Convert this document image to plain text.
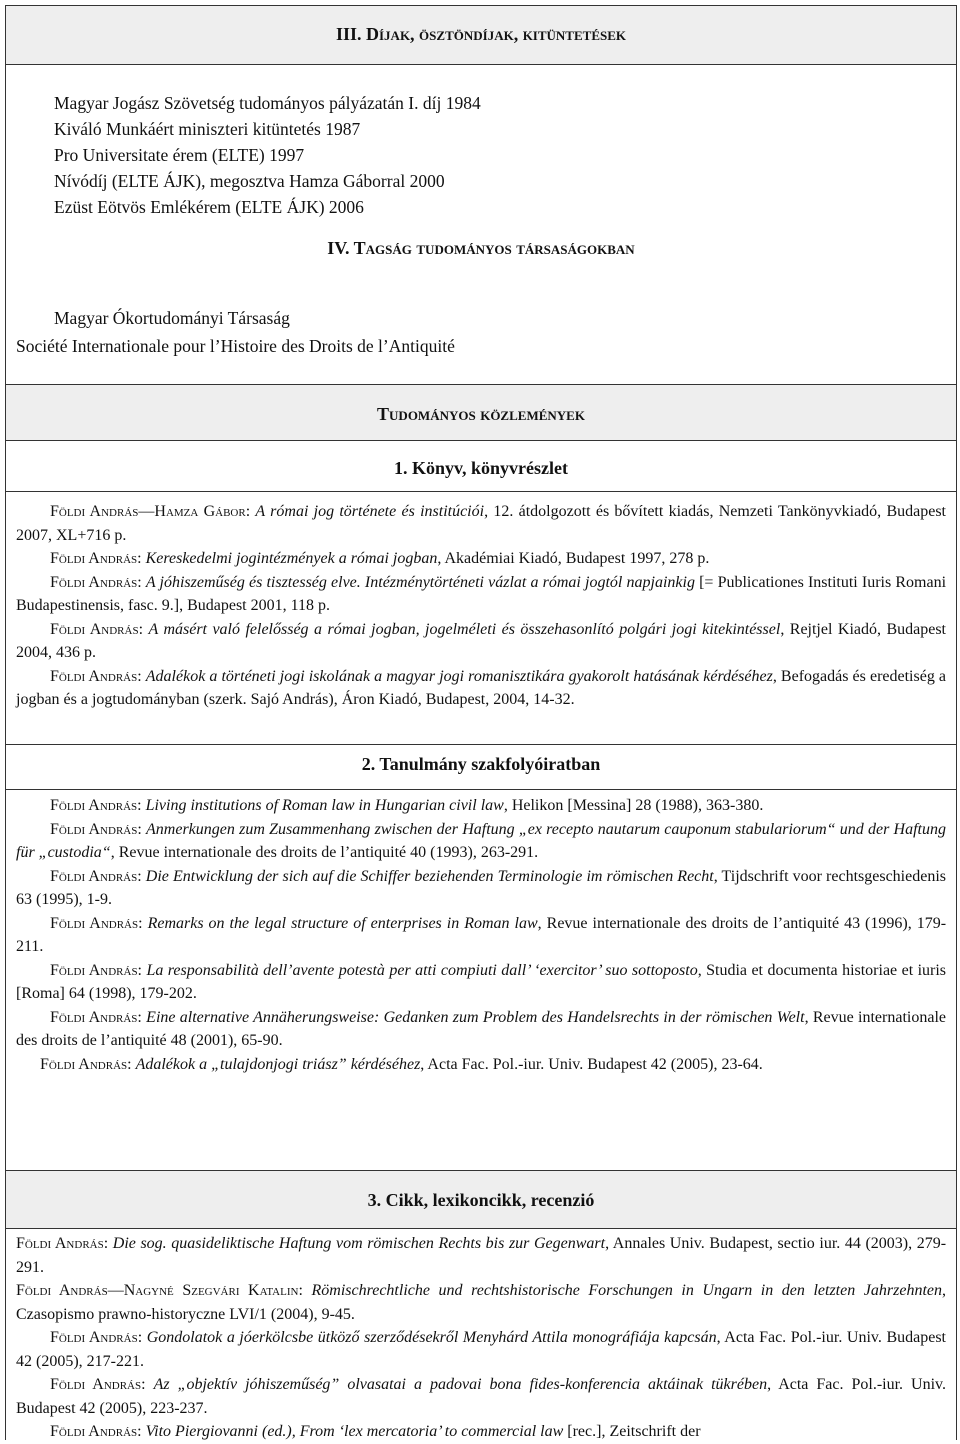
III. Díjak, ösztöndíjak, kitüntetések
Magyar Jogász Szövetség tudományos pályázatán I. díj 1984
Kiváló Munkáért miniszteri kitüntetés 1987
Pro Universitate érem (ELTE) 1997
Nívódíj (ELTE ÁJK), megosztva Hamza Gáborral 2000
Ezüst Eötvös Emlékérem (ELTE ÁJK) 2006
IV. Tagság tudományos társaságokban
Magyar Ókortudományi Társaság
Société Internationale pour l’Histoire des Droits de l’Antiquité
Tudományos közlemények
1. Könyv, könyvrészlet

Földi András—Hamza Gábor: A római jog története és institúciói, 12. átdolgozott és bővített kiadás, Nemzeti Tankönyvkiadó, Budapest 2007, XL+716 p.

Földi András: Kereskedelmi jogintézmények a római jogban, Akadémiai Kiadó, Budapest 1997, 278 p.

Földi András: A jóhiszeműség és tisztesség elve. Intézménytörténeti vázlat a római jogtól napjainkig [= Publicationes Instituti Iuris Romani Budapestinensis, fasc. 9.], Budapest 2001, 118 p.

Földi András: A másért való felelősség a római jogban, jogelméleti és összehasonlító polgári jogi kitekintéssel, Rejtjel Kiadó, Budapest 2004, 436 p.

Földi András: Adalékok a történeti jogi iskolának a magyar jogi romanisztikára gyakorolt hatásának kérdéséhez, Befogadás és eredetiség a jogban és a jogtudományban (szerk. Sajó András), Áron Kiadó, Budapest, 2004, 14-32.

2. Tanulmány szakfolyóiratban

Földi András: Living institutions of Roman law in Hungarian civil law, Helikon [Messina] 28 (1988), 363-380.

Földi András: Anmerkungen zum Zusammenhang zwischen der Haftung „ex recepto nautarum cauponum stabulariorum“ und der Haftung für „custodia“, Revue internationale des droits de l’antiquité 40 (1993), 263-291.

Földi András: Die Entwicklung der sich auf die Schiffer beziehenden Terminologie im römischen Recht, Tijdschrift voor rechtsgeschiedenis 63 (1995), 1-9.

Földi András: Remarks on the legal structure of enterprises in Roman law, Revue internationale des droits de l’antiquité 43 (1996), 179-211.

Földi András: La responsabilità dell’avente potestà per atti compiuti dall’ ‘exercitor’ suo sottoposto, Studia et documenta historiae et iuris [Roma] 64 (1998), 179-202.

Földi András: Eine alternative Annäherungsweise: Gedanken zum Problem des Handelsrechts in der römischen Welt, Revue internationale des droits de l’antiquité 48 (2001), 65-90.

Földi András: Adalékok a „tulajdonjogi triász” kérdéséhez, Acta Fac. Pol.-iur. Univ. Budapest 42 (2005), 23-64.

3. Cikk, lexikoncikk, recenzió

Földi András: Die sog. quasideliktische Haftung vom römischen Rechts bis zur Gegenwart, Annales Univ. Budapest, sectio iur. 44 (2003), 279-291.

Földi András—Nagyné Szegvári Katalin: Römischrechtliche und rechtshistorische Forschungen in Ungarn in den letzten Jahrzehnten, Czasopismo prawno-historyczne LVI/1 (2004), 9-45.

Földi András: Gondolatok a jóerkölcsbe ütköző szerződésekről Menyhárd Attila monográfiája kapcsán, Acta Fac. Pol.-iur. Univ. Budapest 42 (2005), 217-221.

Földi András: Az „objektív jóhiszeműség” olvasatai a padovai bona fides-konferencia aktáinak tükrében, Acta Fac. Pol.-iur. Univ. Budapest 42 (2005), 223-237.

Földi András: Vito Piergiovanni (ed.), From ‘lex mercatoria’ to commercial law [rec.], Zeitschrift der
